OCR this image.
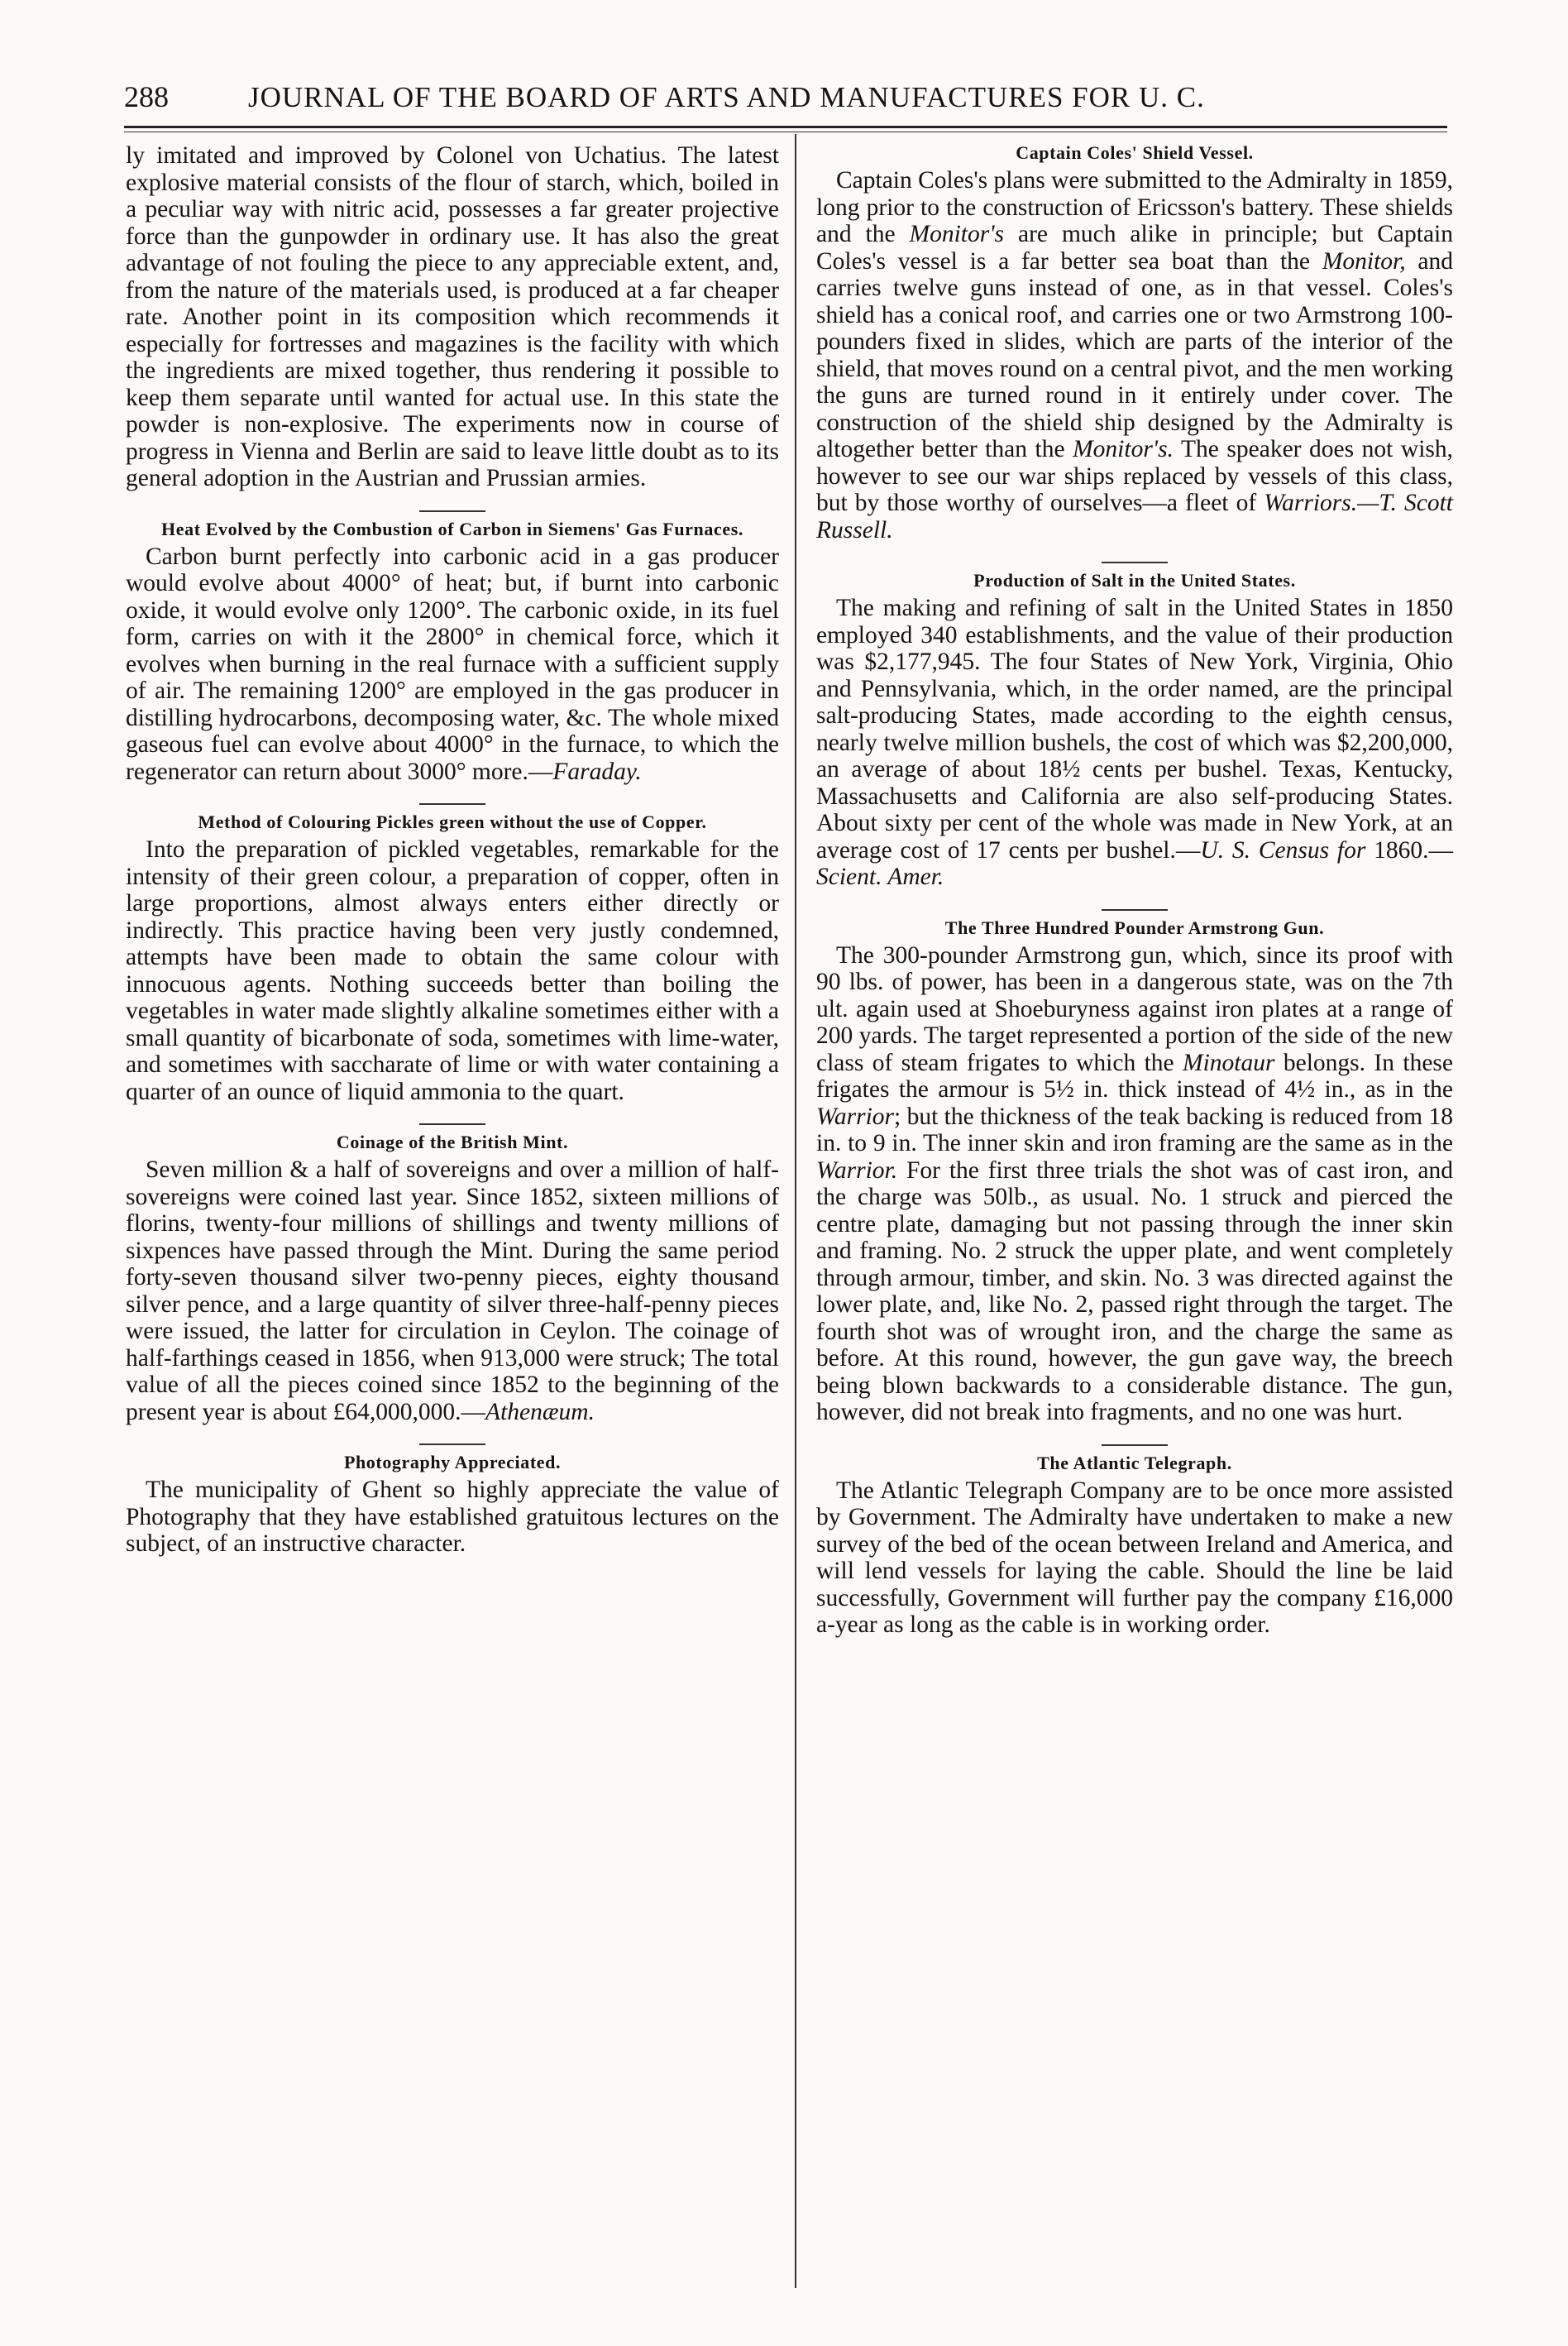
288	JOURNAL OF THE BOARD OF ARTS AND MANUFACTURES FOR U. C.

ly imitated and improved by Colonel von Uchatius. The latest explosive material consists of the flour of starch, which, boiled in a peculiar way with nitric acid, possesses a far greater projective force than the gunpowder in ordinary use. It has also the great advantage of not fouling the piece to any appreciable extent, and, from the nature of the materials used, is produced at a far cheaper rate. Another point in its composition which recommends it especially for fortresses and magazines is the facility with which the ingredients are mixed together, thus rendering it possible to keep them separate until wanted for actual use. In this state the powder is non-explosive. The experiments now in course of progress in Vienna and Berlin are said to leave little doubt as to its general adoption in the Austrian and Prussian armies.

Heat Evolved by the Combustion of Carbon in Siemens' Gas Furnaces.

Carbon burnt perfectly into carbonic acid in a gas producer would evolve about 4000° of heat; but, if burnt into carbonic oxide, it would evolve only 1200°. The carbonic oxide, in its fuel form, carries on with it the 2800° in chemical force, which it evolves when burning in the real furnace with a sufficient supply of air. The remaining 1200° are employed in the gas producer in distilling hydrocarbons, decomposing water, &c. The whole mixed gaseous fuel can evolve about 4000° in the furnace, to which the regenerator can return about 3000° more.—Faraday.

Method of Colouring Pickles green without the use of Copper.

Into the preparation of pickled vegetables, remarkable for the intensity of their green colour, a preparation of copper, often in large proportions, almost always enters either directly or indirectly. This practice having been very justly condemned, attempts have been made to obtain the same colour with innocuous agents. Nothing succeeds better than boiling the vegetables in water made slightly alkaline sometimes either with a small quantity of bicarbonate of soda, sometimes with lime-water, and sometimes with saccharate of lime or with water containing a quarter of an ounce of liquid ammonia to the quart.

Coinage of the British Mint.

Seven million & a half of sovereigns and over a million of half-sovereigns were coined last year. Since 1852, sixteen millions of florins, twenty-four millions of shillings and twenty millions of sixpences have passed through the Mint. During the same period forty-seven thousand silver two-penny pieces, eighty thousand silver pence, and a large quantity of silver three-half-penny pieces were issued, the latter for circulation in Ceylon. The coinage of half-farthings ceased in 1856, when 913,000 were struck; The total value of all the pieces coined since 1852 to the beginning of the present year is about £64,000,000.—Athenæum.

Photography Appreciated.

The municipality of Ghent so highly appreciate the value of Photography that they have established gratuitous lectures on the subject, of an instructive character.

Captain Coles' Shield Vessel.

Captain Coles's plans were submitted to the Admiralty in 1859, long prior to the construction of Ericsson's battery. These shields and the Monitor's are much alike in principle; but Captain Coles's vessel is a far better sea boat than the Monitor, and carries twelve guns instead of one, as in that vessel. Coles's shield has a conical roof, and carries one or two Armstrong 100-pounders fixed in slides, which are parts of the interior of the shield, that moves round on a central pivot, and the men working the guns are turned round in it entirely under cover. The construction of the shield ship designed by the Admiralty is altogether better than the Monitor's. The speaker does not wish, however to see our war ships replaced by vessels of this class, but by those worthy of ourselves—a fleet of Warriors.—T. Scott Russell.

Production of Salt in the United States.

The making and refining of salt in the United States in 1850 employed 340 establishments, and the value of their production was $2,177,945. The four States of New York, Virginia, Ohio and Pennsylvania, which, in the order named, are the principal salt-producing States, made according to the eighth census, nearly twelve million bushels, the cost of which was $2,200,000, an average of about 18½ cents per bushel. Texas, Kentucky, Massachusetts and California are also self-producing States. About sixty per cent of the whole was made in New York, at an average cost of 17 cents per bushel.—U. S. Census for 1860.—Scient. Amer.

The Three Hundred Pounder Armstrong Gun.

The 300-pounder Armstrong gun, which, since its proof with 90 lbs. of power, has been in a dangerous state, was on the 7th ult. again used at Shoeburyness against iron plates at a range of 200 yards. The target represented a portion of the side of the new class of steam frigates to which the Minotaur belongs. In these frigates the armour is 5½ in. thick instead of 4½ in., as in the Warrior; but the thickness of the teak backing is reduced from 18 in. to 9 in. The inner skin and iron framing are the same as in the Warrior. For the first three trials the shot was of cast iron, and the charge was 50lb., as usual. No. 1 struck and pierced the centre plate, damaging but not passing through the inner skin and framing. No. 2 struck the upper plate, and went completely through armour, timber, and skin. No. 3 was directed against the lower plate, and, like No. 2, passed right through the target. The fourth shot was of wrought iron, and the charge the same as before. At this round, however, the gun gave way, the breech being blown backwards to a considerable distance. The gun, however, did not break into fragments, and no one was hurt.

The Atlantic Telegraph.

The Atlantic Telegraph Company are to be once more assisted by Government. The Admiralty have undertaken to make a new survey of the bed of the ocean between Ireland and America, and will lend vessels for laying the cable. Should the line be laid successfully, Government will further pay the company £16,000 a-year as long as the cable is in working order.
